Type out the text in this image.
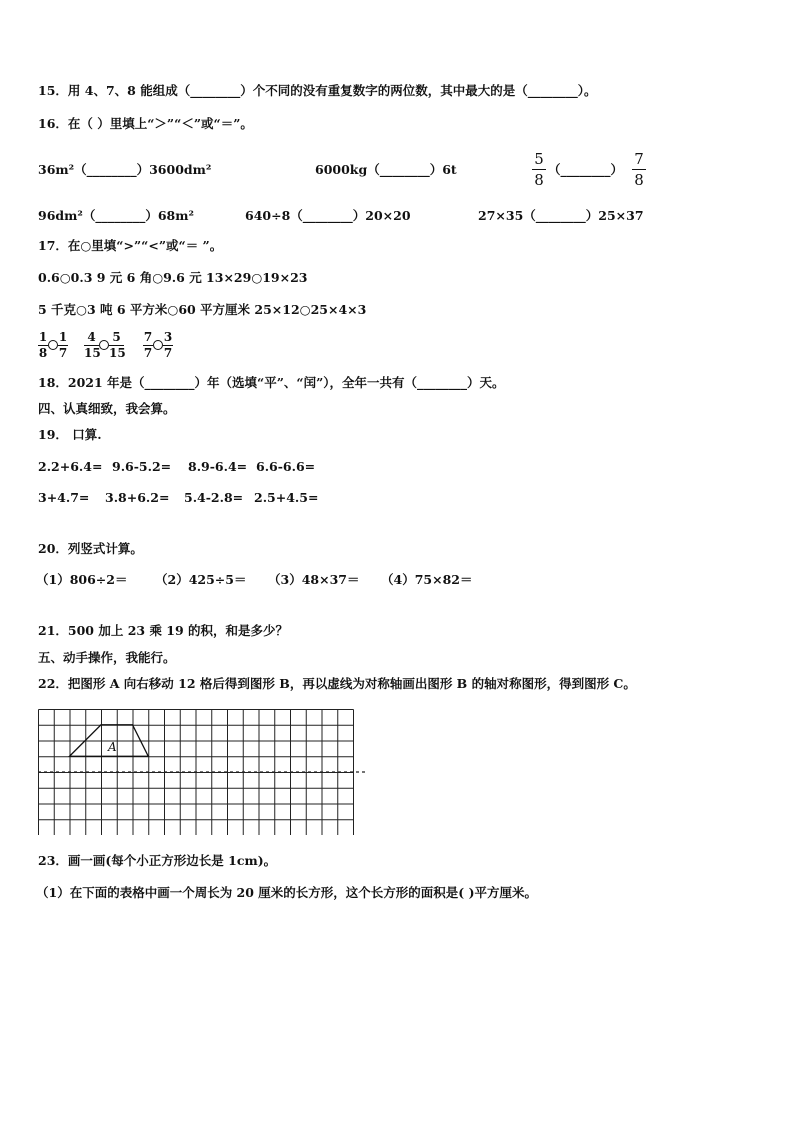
15．用 4、7、8 能组成（________）个不同的没有重复数字的两位数，其中最大的是（________）。
16．在（ ）里填上“＞”“＜”或“＝”。
36m²（________）3600dm²	6000kg（________）6t
5
8
（________）
7
8
96dm²（________）68m²	640÷8（________）20×20	27×35（________）25×37
17．在○里填“>”“<”或“＝ ”。
0.6○0.3 9 元 6 角○9.6 元 13×29○19×23
5 千克○3 吨 6 平方米○60 平方厘米 25×12○25×4×3
1
8
1
7
4
15
5
15
7
7
3
7
18．2021 年是（________）年（选填“平”、“闰”），全年一共有（________）天。
四、认真细致，我会算。
19． 口算.
2.2+6.4= 9.6-5.2= 8.9-6.4= 6.6-6.6=
3+4.7= 3.8+6.2= 5.4-2.8= 2.5+4.5=
20．列竖式计算。
（1）806÷2＝ （2）425÷5＝ （3）48×37＝ （4）75×82＝
21．500 加上 23 乘 19 的积，和是多少？
五、动手操作，我能行。
22．把图形 A 向右移动 12 格后得到图形 B，再以虚线为对称轴画出图形 B 的轴对称图形，得到图形 C。
A
23．画一画(每个小正方形边长是 1cm)。
（1）在下面的表格中画一个周长为 20 厘米的长方形，这个长方形的面积是( )平方厘米。
